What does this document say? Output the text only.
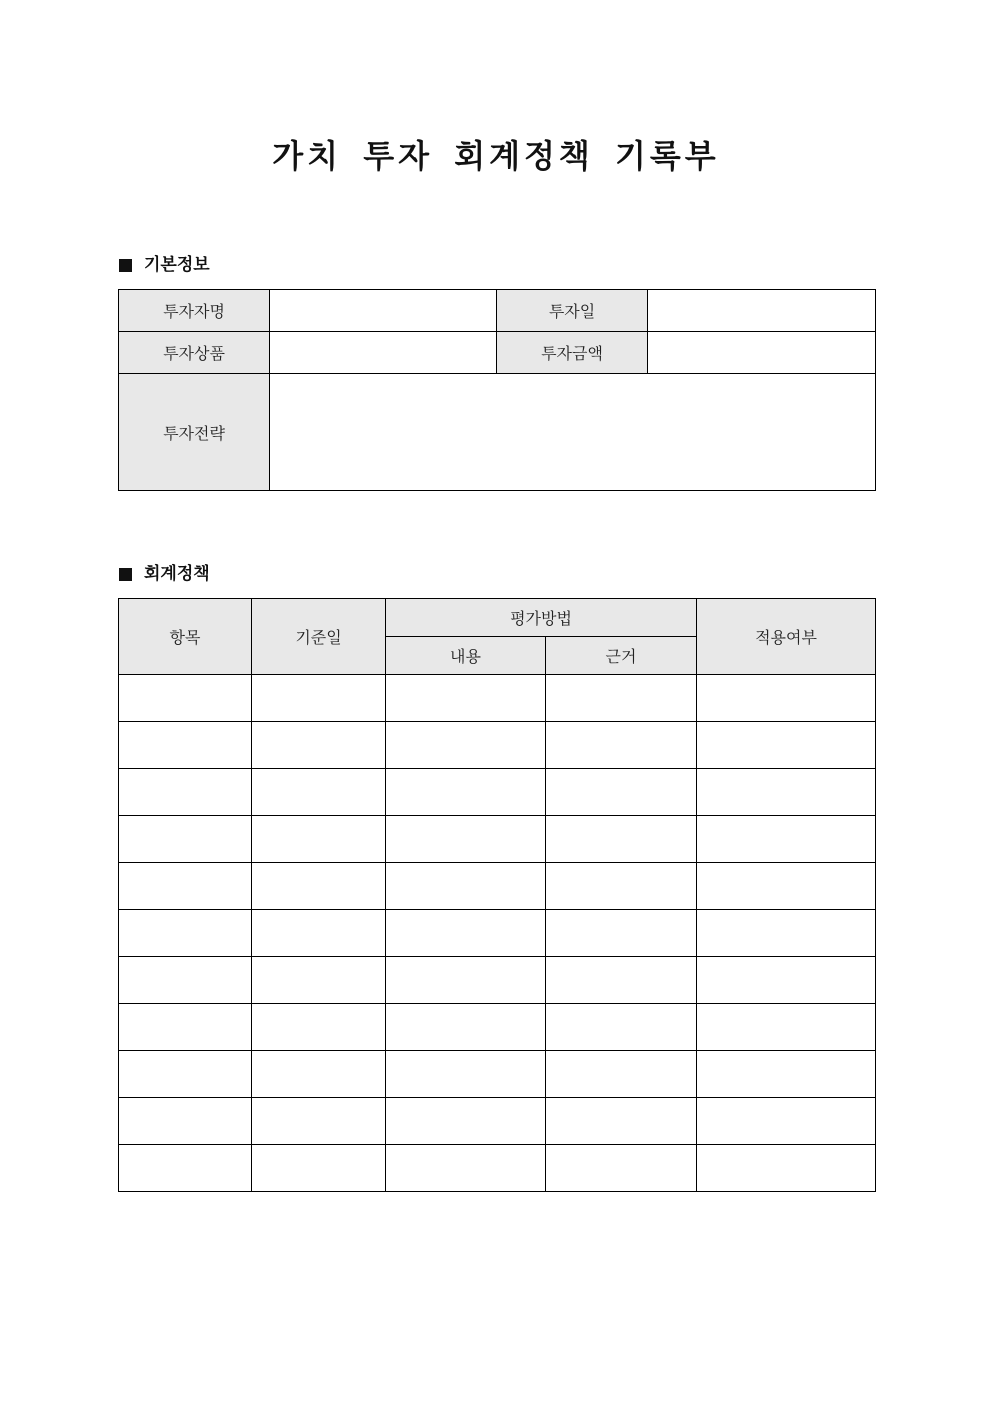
가치 투자 회계정책 기록부
기본정보
투자자명		투자일	
투자상품		투자금액	
투자전략			
회계정책
항목	기준일	평가방법		적용여부
		내용	근거	
